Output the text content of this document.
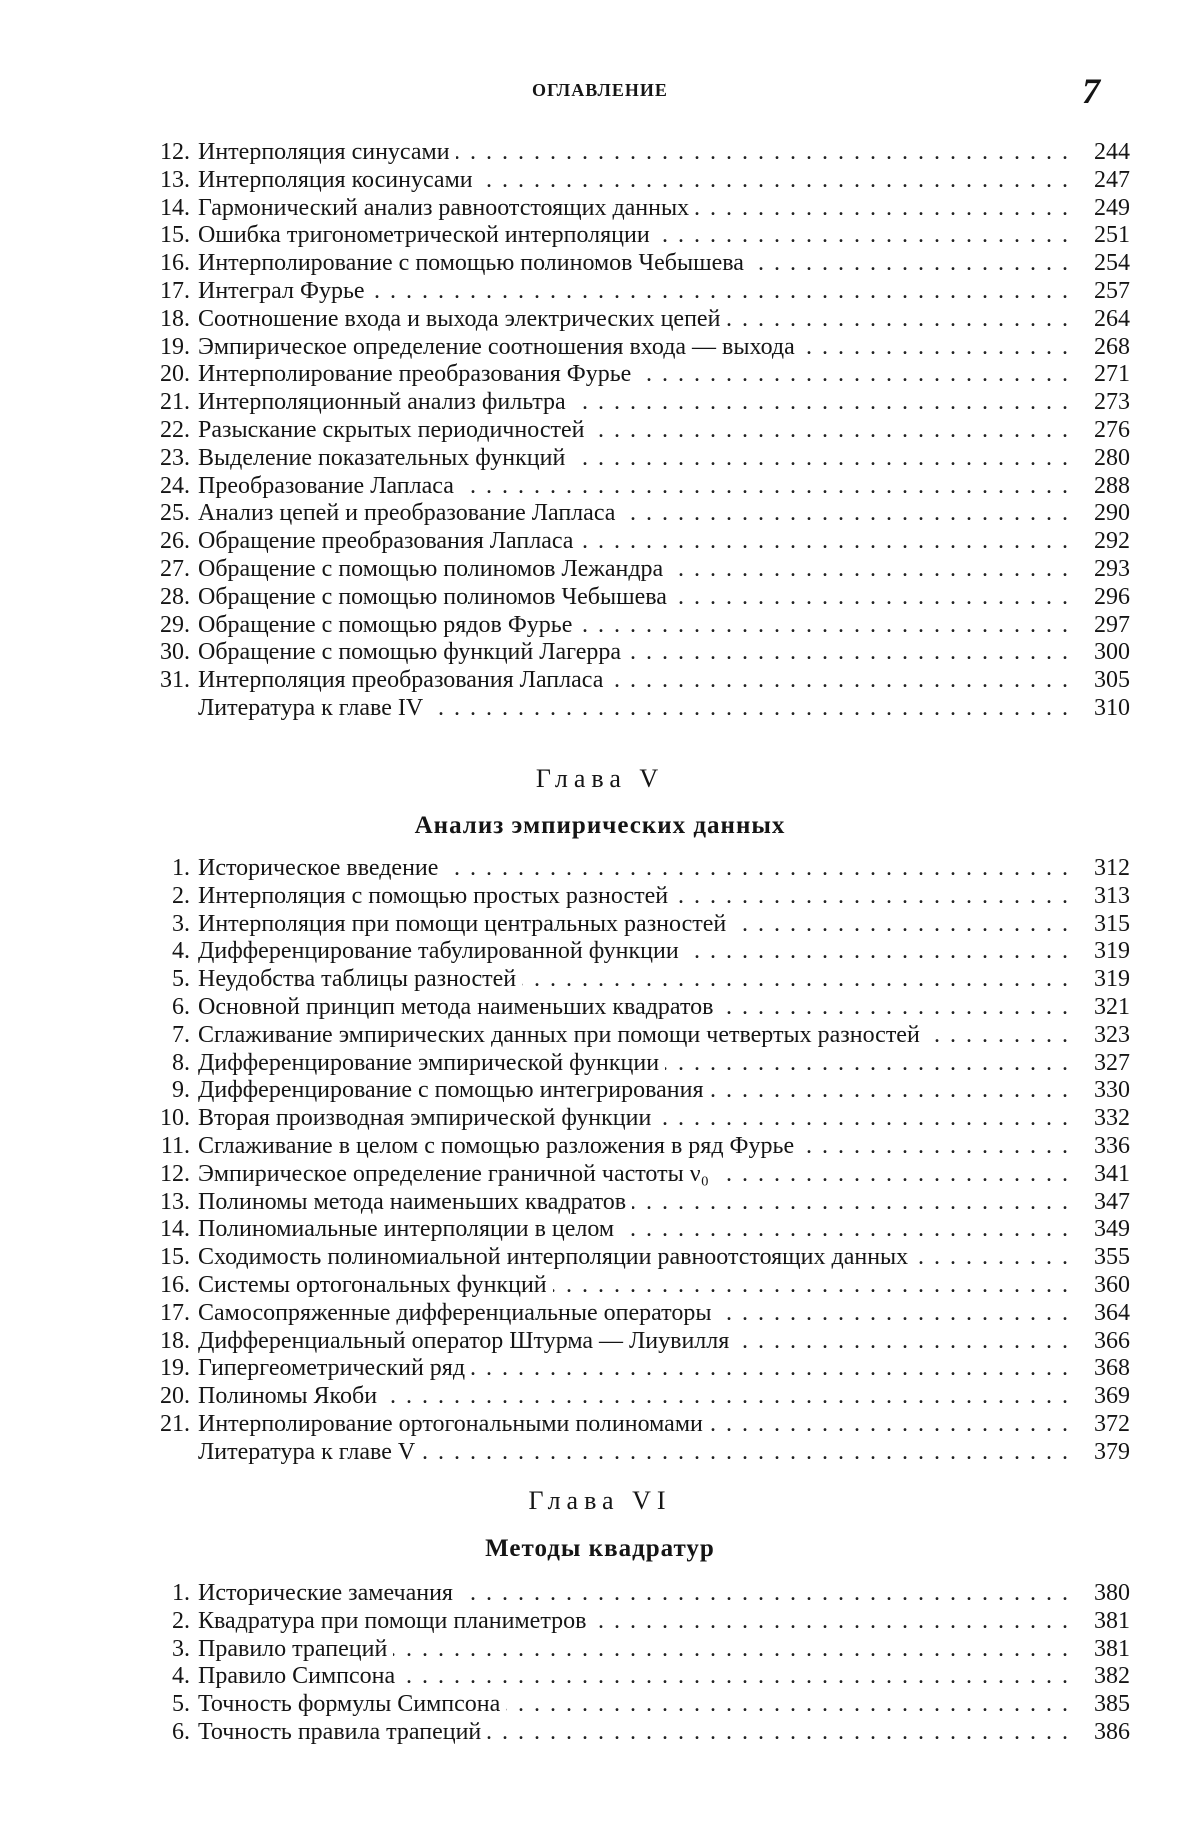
ОГЛАВЛЕНИЕ	7
12. . . . Интерполяция синусами	244
13. . . . Интерполяция косинусами	247
14. . . . Гармонический анализ равноотстоящих данных	249
15. . . . Ошибка тригонометрической интерполяции	251
16. . . . Интерполирование с помощью полиномов Чебышева	254
17. . . . Интеграл Фурье	257
18. . . . Соотношение входа и выхода электрических цепей	264
19. . . . Эмпирическое определение соотношения входа — выхода	268
20. . . . Интерполирование преобразования Фурье	271
21. . . . Интерполяционный анализ фильтра	273
22. . . . Разыскание скрытых периодичностей	276
23. . . . Выделение показательных функций	280
24. . . . Преобразование Лапласа	288
25. . . . Анализ цепей и преобразование Лапласа	290
26. . . . Обращение преобразования Лапласа	292
27. . . . Обращение с помощью полиномов Лежандра	293
28. . . . Обращение с помощью полиномов Чебышева	296
29. . . . Обращение с помощью рядов Фурье	297
30. . . . Обращение с помощью функций Лагерра	300
31. . . . Интерполяция преобразования Лапласа	305
. . .
Литература к главе IV	310
Глава V
Анализ эмпирических данных
1. . . . Историческое введение	312
2. . . . Интерполяция с помощью простых разностей	313
3. . . . Интерполяция при помощи центральных разностей	315
4. . . . Дифференцирование табулированной функции	319
5. . . . Неудобства таблицы разностей	319
6. . . . Основной принцип метода наименьших квадратов	321
7. . . . Сглаживание эмпирических данных при помощи четвертых разностей	323
8. . . . Дифференцирование эмпирической функции	327
9. . . . Дифференцирование с помощью интегрирования	330
10. . . . Вторая производная эмпирической функции	332
11. . . . Сглаживание в целом с помощью разложения в ряд Фурье	336
12. . . . Эмпирическое определение граничной частоты ν₀	341
13. . . . Полиномы метода наименьших квадратов	347
14. . . . Полиномиальные интерполяции в целом	349
15. . . . Сходимость полиномиальной интерполяции равноотстоящих данных	355
16. . . . Системы ортогональных функций	360
17. . . . Самосопряженные дифференциальные операторы	364
18. . . . Дифференциальный оператор Штурма — Лиувилля	366
19. . . . Гипергеометрический ряд	368
20. . . . Полиномы Якоби	369
21. . . . Интерполирование ортогональными полиномами	372
. . .
Литература к главе V	379
Глава VI
Методы квадратур
1. . . . Исторические замечания	380
2. . . . Квадратура при помощи планиметров	381
3. . . . Правило трапеций	381
4. . . . Правило Симпсона	382
5. . . . Точность формулы Симпсона	385
6. . . . Точность правила трапеций	386
